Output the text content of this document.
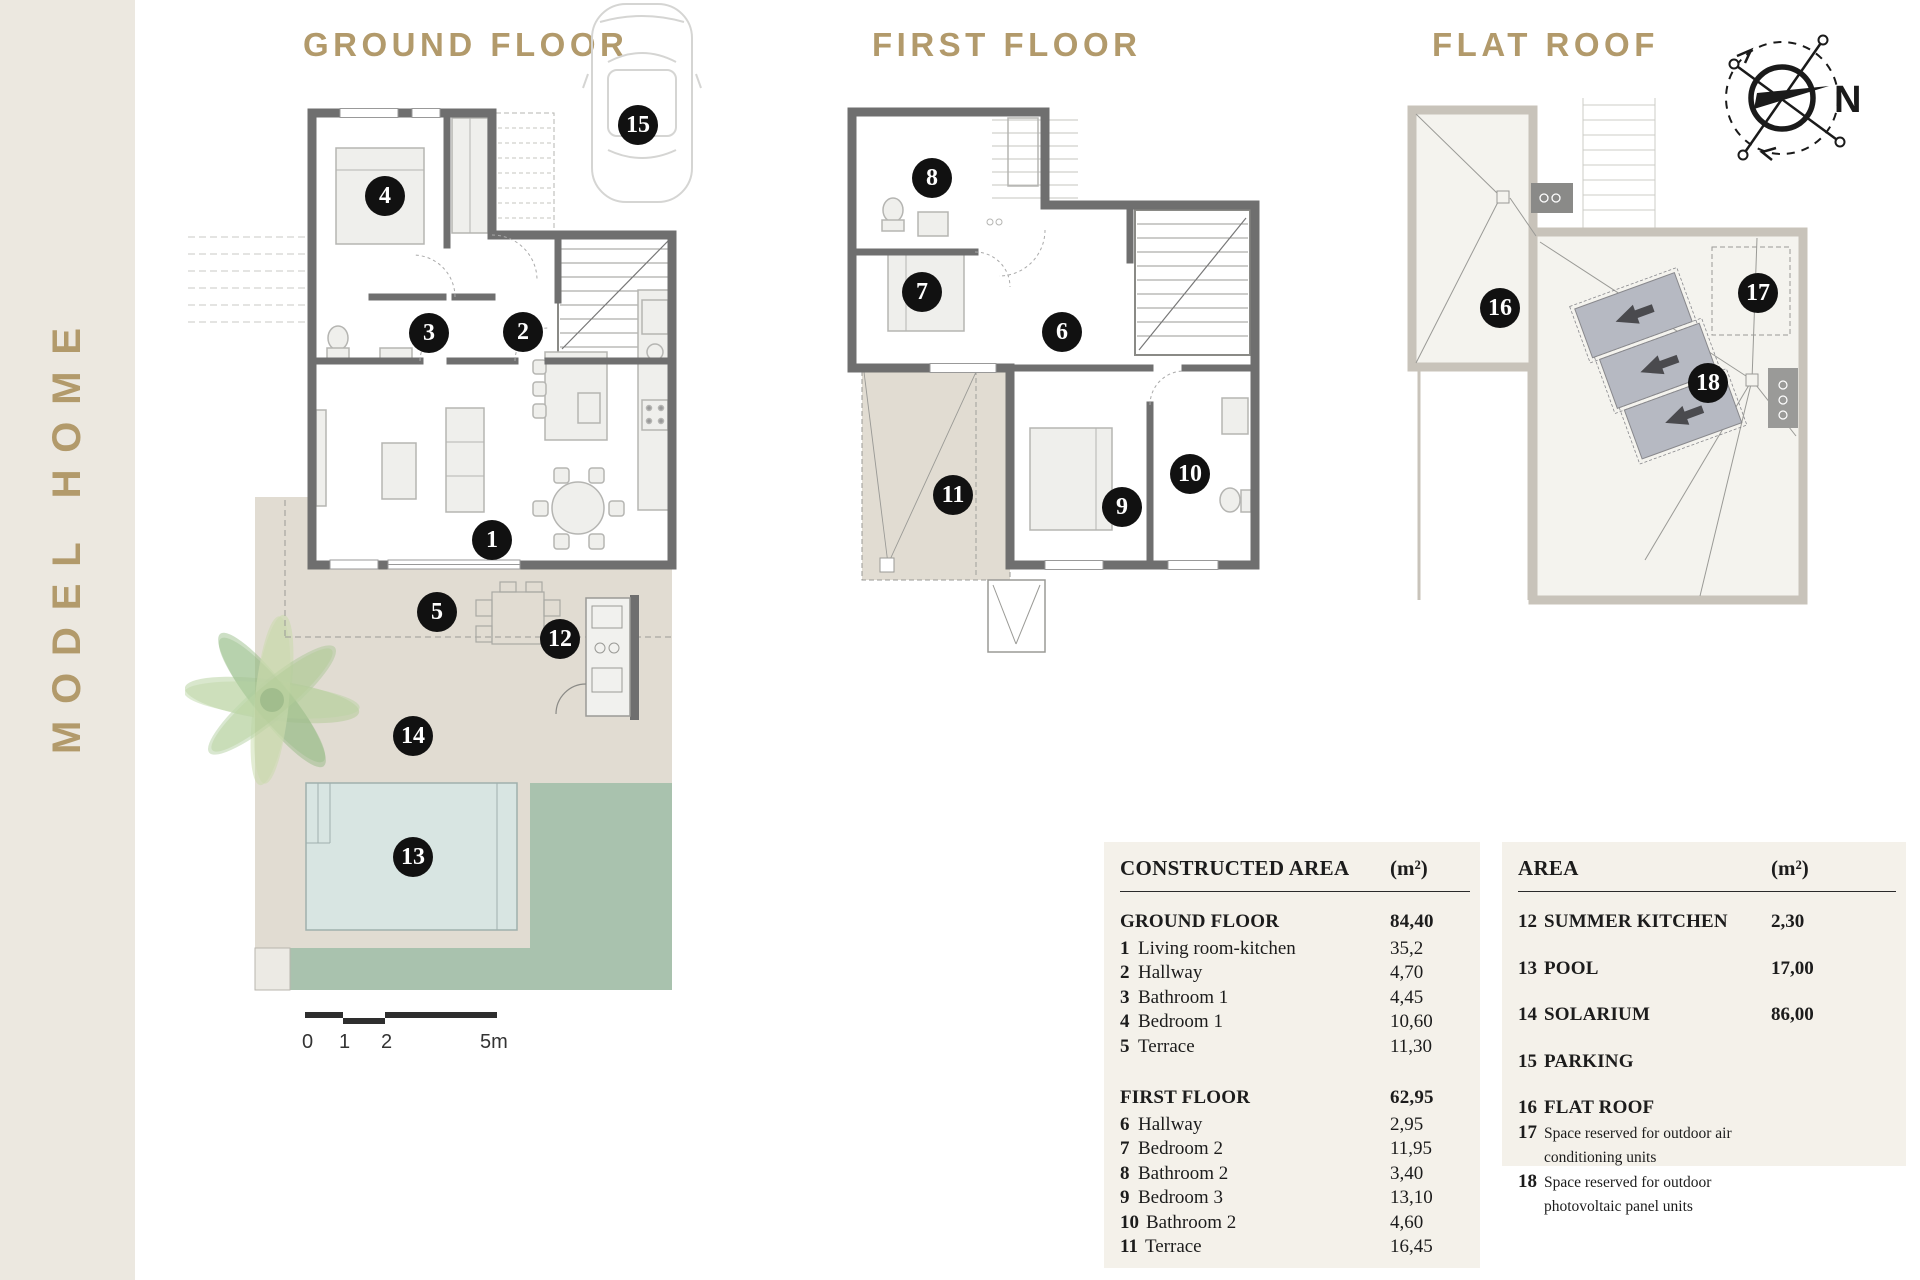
MODEL HOME
GROUND FLOOR	FIRST FLOOR	FLAT ROOF
0 1 2	5m
N
1
2
3
4
5
12
13
14
15
6
7
8
9
10
11
16
17
18
CONSTRUCTED AREA	(m²)
GROUND FLOOR	84,40
1 Living room-kitchen	35,2
2 Hallway	4,70
3 Bathroom 1	4,45
4 Bedroom 1	10,60
5 Terrace	11,30
FIRST FLOOR	62,95
6 Hallway	2,95
7 Bedroom 2	11,95
8 Bathroom 2	3,40
9 Bedroom 3	13,10
10 Bathroom 2	4,60
11 Terrace	16,45
AREA	(m²)
12 SUMMER KITCHEN	2,30
13 POOL	17,00
14 SOLARIUM	86,00
15 PARKING
16 FLAT ROOF
17 Space reserved for outdoor air conditioning units
18 Space reserved for outdoor photovoltaic panel units
